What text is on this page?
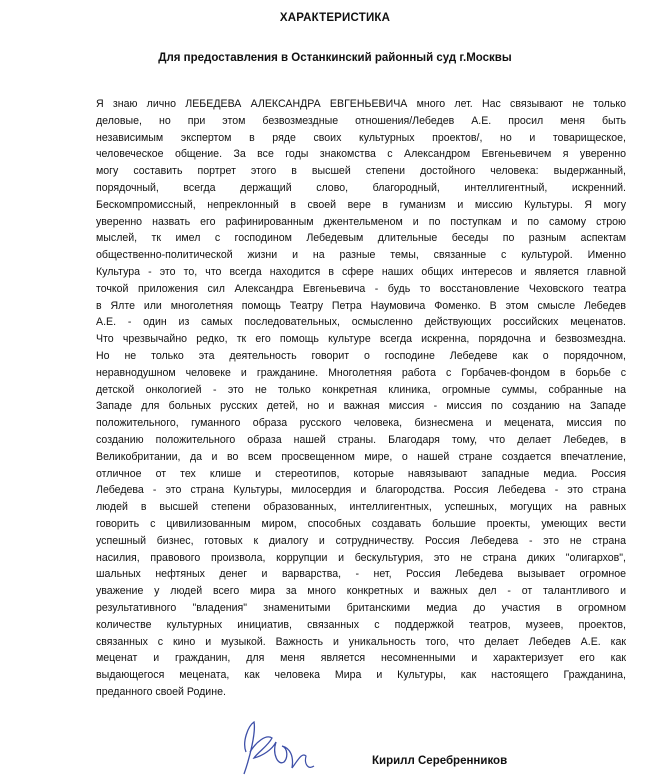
ХАРАКТЕРИСТИКА
Для предоставления в Останкинский районный суд г.Москвы
Я знаю лично ЛЕБЕДЕВА АЛЕКСАНДРА ЕВГЕНЬЕВИЧА много лет. Нас связывают не только
деловые, но при этом безвозмездные отношения/Лебедев А.Е. просил меня быть
независимым экспертом в ряде своих культурных проектов/, но и товарищеское,
человеческое общение. За все годы знакомства с Александром Евгеньевичем я уверенно
могу составить портрет этого в высшей степени достойного человека: выдержанный,
порядочный, всегда держащий слово, благородный, интеллигентный, искренний.
Бескомпромиссный, непреклонный в своей вере в гуманизм и миссию Культуры. Я могу
уверенно назвать его рафинированным джентельменом и по поступкам и по самому строю
мыслей, тк имел с господином Лебедевым длительные беседы по разным аспектам
общественно-политической жизни и на разные темы, связанные с культурой. Именно
Культура - это то, что всегда находится в сфере наших общих интересов и является главной
точкой приложения сил Александра Евгеньевича - будь то восстановление Чеховского театра
в Ялте или многолетняя помощь Театру Петра Наумовича Фоменко. В этом смысле Лебедев
А.Е. - один из самых последовательных, осмысленно действующих российских меценатов.
Что чрезвычайно редко, тк его помощь культуре всегда искренна, порядочна и безвозмездна.
Но не только эта деятельность говорит о господине Лебедеве как о порядочном,
неравнодушном человеке и гражданине. Многолетняя работа с Горбачев-фондом в борьбе с
детской онкологией - это не только конкретная клиника, огромные суммы, собранные на
Западе для больных русских детей, но и важная миссия - миссия по созданию на Западе
положительного, гуманного образа русского человека, бизнесмена и мецената, миссия по
созданию положительного образа нашей страны. Благодаря тому, что делает Лебедев, в
Великобритании, да и во всем просвещенном мире, о нашей стране создается впечатление,
отличное от тех клише и стереотипов, которые навязывают западные медиа. Россия
Лебедева - это страна Культуры, милосердия и благородства. Россия Лебедева - это страна
людей в высшей степени образованных, интеллигентных, успешных, могущих на равных
говорить с цивилизованным миром, способных создавать большие проекты, умеющих вести
успешный бизнес, готовых к диалогу и сотрудничеству. Россия Лебедева - это не страна
насилия, правового произвола, коррупции и бескультурия, это не страна диких "олигархов",
шальных нефтяных денег и варварства, - нет, Россия Лебедева вызывает огромное
уважение у людей всего мира за много конкретных и важных дел - от талантливого и
результативного "владения" знаменитыми британскими медиа до участия в огромном
количестве культурных инициатив, связанных с поддержкой театров, музеев, проектов,
связанных с кино и музыкой. Важность и уникальность того, что делает Лебедев А.Е. как
меценат и гражданин, для меня является несомненными и характеризует его как
выдающегося мецената, как человека Мира и Культуры, как настоящего Гражданина,
преданного своей Родине.
Кирилл Серебренников
